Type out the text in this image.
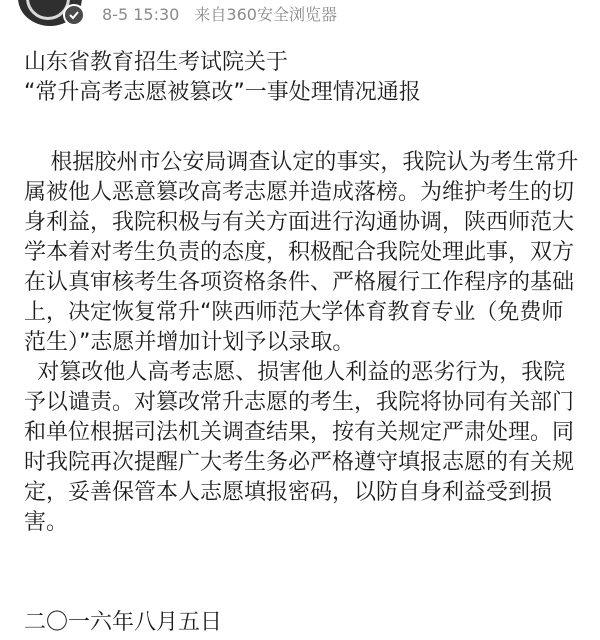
8-5 15:30 来自360安全浏览器
山东省教育招生考试院关于
“常升高考志愿被篡改”一事处理情况通报

根据胶州市公安局调查认定的事实，我院认为考生常升属被他人恶意篡改高考志愿并造成落榜。为维护考生的切身利益，我院积极与有关方面进行沟通协调，陕西师范大学本着对考生负责的态度，积极配合我院处理此事，双方在认真审核考生各项资格条件、严格履行工作程序的基础上，决定恢复常升“陕西师范大学体育教育专业（免费师范生）”志愿并增加计划予以录取。

对篡改他人高考志愿、损害他人利益的恶劣行为，我院予以谴责。对篡改常升志愿的考生，我院将协同有关部门和单位根据司法机关调查结果，按有关规定严肃处理。同时我院再次提醒广大考生务必严格遵守填报志愿的有关规定，妥善保管本人志愿填报密码，以防自身利益受到损害。

二〇一六年八月五日
